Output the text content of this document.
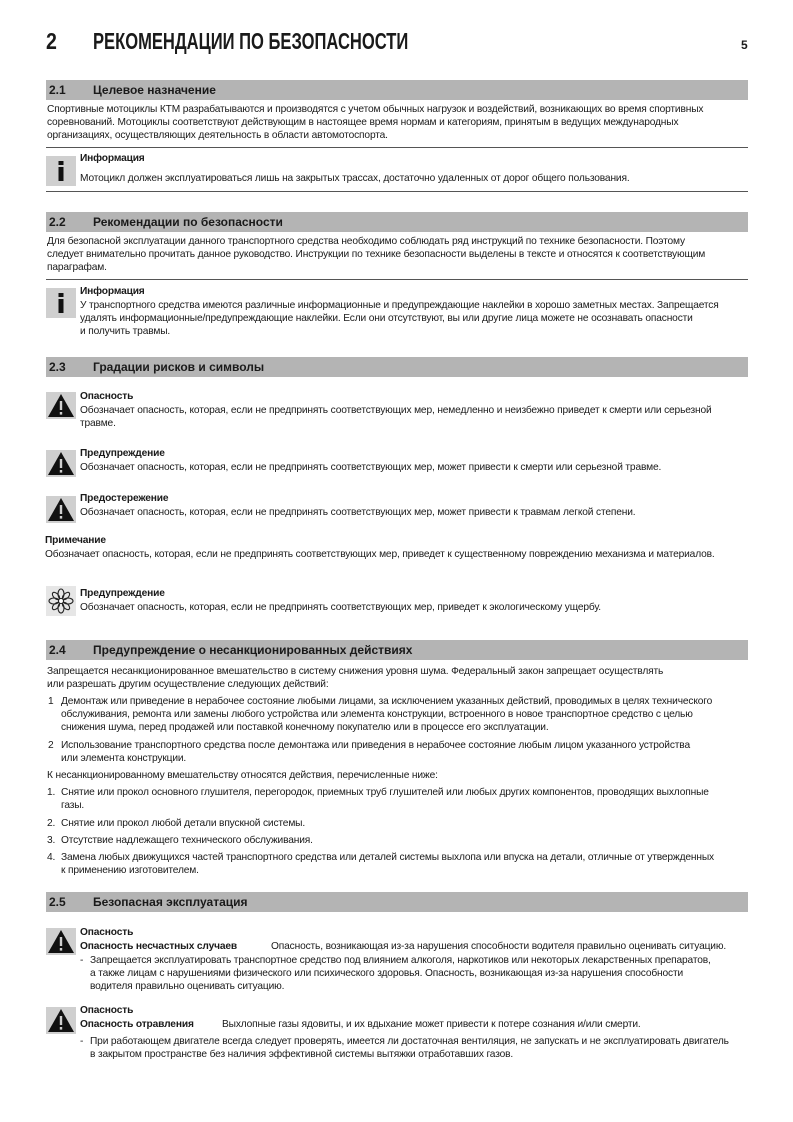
2 РЕКОМЕНДАЦИИ ПО БЕЗОПАСНОСТИ	5
2.1 Целевое назначение
Спортивные мотоциклы КТМ разрабатываются и производятся с учетом обычных нагрузок и воздействий, возникающих во время спортивных
соревнований. Мотоциклы соответствуют действующим в настоящее время нормам и категориям, принятым в ведущих международных
организациях, осуществляющих деятельность в области автомотоспорта.
Информация
Мотоцикл должен эксплуатироваться лишь на закрытых трассах, достаточно удаленных от дорог общего пользования.
2.2 Рекомендации по безопасности
Для безопасной эксплуатации данного транспортного средства необходимо соблюдать ряд инструкций по технике безопасности. Поэтому
следует внимательно прочитать данное руководство. Инструкции по технике безопасности выделены в тексте и относятся к соответствующим
параграфам.
Информация
У транспортного средства имеются различные информационные и предупреждающие наклейки в хорошо заметных местах. Запрещается
удалять информационные/предупреждающие наклейки. Если они отсутствуют, вы или другие лица можете не осознавать опасности
и получить травмы.
2.3 Градации рисков и символы
Опасность
Обозначает опасность, которая, если не предпринять соответствующих мер, немедленно и неизбежно приведет к смерти или серьезной
травме.
Предупреждение
Обозначает опасность, которая, если не предпринять соответствующих мер, может привести к смерти или серьезной травме.
Предостережение
Обозначает опасность, которая, если не предпринять соответствующих мер, может привести к травмам легкой степени.
Примечание
Обозначает опасность, которая, если не предпринять соответствующих мер, приведет к существенному повреждению механизма и материалов.
Предупреждение
Обозначает опасность, которая, если не предпринять соответствующих мер, приведет к экологическому ущербу.
2.4 Предупреждение о несанкционированных действиях
Запрещается несанкционированное вмешательство в систему снижения уровня шума. Федеральный закон запрещает осуществлять
или разрешать другим осуществление следующих действий:
1 Демонтаж или приведение в нерабочее состояние любыми лицами, за исключением указанных действий, проводимых в целях технического
обслуживания, ремонта или замены любого устройства или элемента конструкции, встроенного в новое транспортное средство с целью
снижения шума, перед продажей или поставкой конечному покупателю или в процессе его эксплуатации.
2 Использование транспортного средства после демонтажа или приведения в нерабочее состояние любым лицом указанного устройства
или элемента конструкции.
К несанкционированному вмешательству относятся действия, перечисленные ниже:
1. Снятие или прокол основного глушителя, перегородок, приемных труб глушителей или любых других компонентов, проводящих выхлопные
газы.
2. Снятие или прокол любой детали впускной системы.
3. Отсутствие надлежащего технического обслуживания.
4. Замена любых движущихся частей транспортного средства или деталей системы выхлопа или впуска на детали, отличные от утвержденных
к применению изготовителем.
2.5 Безопасная эксплуатация
Опасность
Опасность несчастных случаев	Опасность, возникающая из-за нарушения способности водителя правильно оценивать ситуацию.
- Запрещается эксплуатировать транспортное средство под влиянием алкоголя, наркотиков или некоторых лекарственных препаратов,
а также лицам с нарушениями физического или психического здоровья. Опасность, возникающая из-за нарушения способности
водителя правильно оценивать ситуацию.
Опасность
Опасность отравления	Выхлопные газы ядовиты, и их вдыхание может привести к потере сознания и/или смерти.
- При работающем двигателе всегда следует проверять, имеется ли достаточная вентиляция, не запускать и не эксплуатировать двигатель
в закрытом пространстве без наличия эффективной системы вытяжки отработавших газов.
